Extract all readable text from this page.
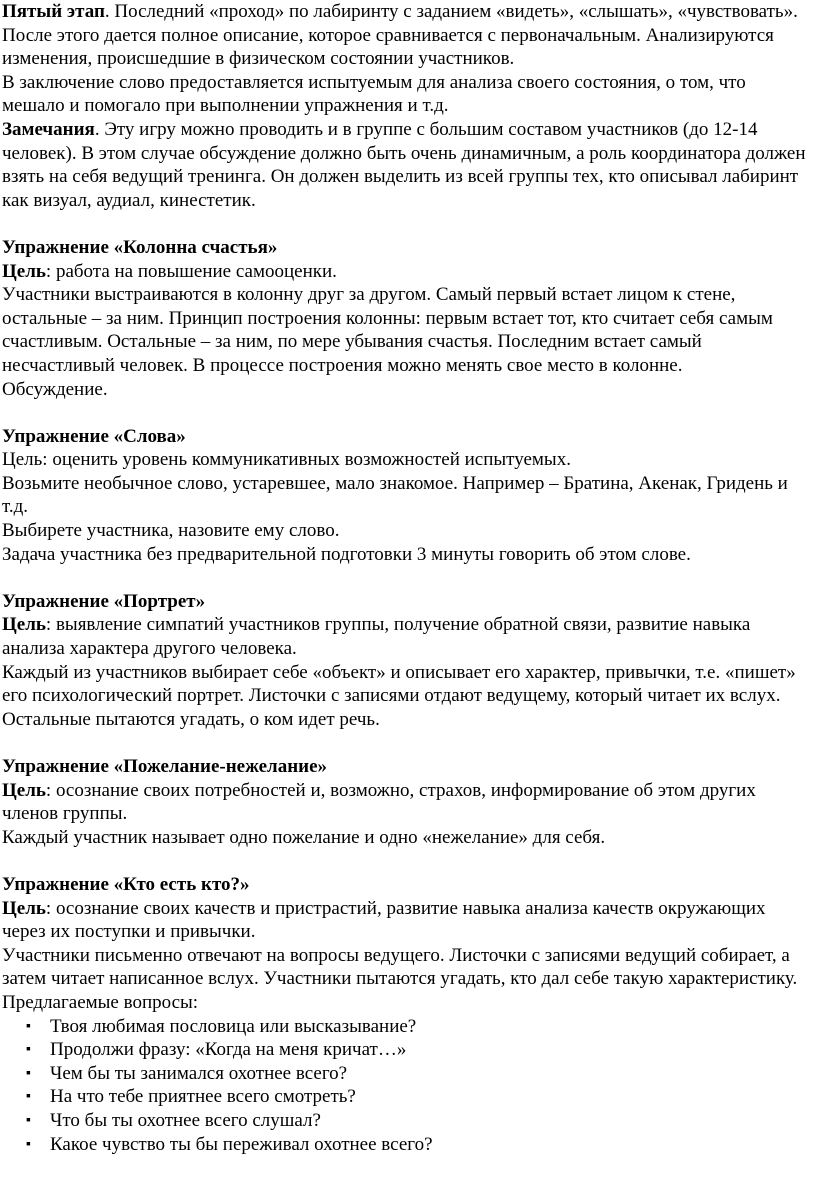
Пятый этап. Последний «проход» по лабиринту с заданием «видеть», «слышать», «чувствовать». После этого дается полное описание, которое сравнивается с первоначальным. Анализируются изменения, происшедшие в физическом состоянии участников.

В заключение слово предоставляется испытуемым для анализа своего состояния, о том, что мешало и помогало при выполнении упражнения и т.д.

Замечания. Эту игру можно проводить и в группе с большим составом участников (до 12-14 человек). В этом случае обсуждение должно быть очень динамичным, а роль координатора должен взять на себя ведущий тренинга. Он должен выделить из всей группы тех, кто описывал лабиринт как визуал, аудиал, кинестетик.

Упражнение «Колонна счастья»

Цель: работа на повышение самооценки.

Участники выстраиваются в колонну друг за другом. Самый первый встает лицом к стене, остальные – за ним. Принцип построения колонны: первым встает тот, кто считает себя самым счастливым. Остальные – за ним, по мере убывания счастья. Последним встает самый несчастливый человек. В процессе построения можно менять свое место в колонне.

Обсуждение.

Упражнение «Слова»

Цель: оценить уровень коммуникативных возможностей испытуемых.

Возьмите необычное слово, устаревшее, мало знакомое. Например – Братина, Акенак, Гридень и т.д.

Выбирете участника, назовите ему слово.

Задача участника без предварительной подготовки 3 минуты говорить об этом слове.

Упражнение «Портрет»

Цель: выявление симпатий участников группы, получение обратной связи, развитие навыка анализа характера другого человека.

Каждый из участников выбирает себе «объект» и описывает его характер, привычки, т.е. «пишет» его психологический портрет. Листочки с записями отдают ведущему, который читает их вслух. Остальные пытаются угадать, о ком идет речь.

Упражнение «Пожелание-нежелание»

Цель: осознание своих потребностей и, возможно, страхов, информирование об этом других членов группы.

Каждый участник называет одно пожелание и одно «нежелание» для себя.

Упражнение «Кто есть кто?»

Цель: осознание своих качеств и пристрастий, развитие навыка анализа качеств окружающих через их поступки и привычки.

Участники письменно отвечают на вопросы ведущего. Листочки с записями ведущий собирает, а затем читает написанное вслух. Участники пытаются угадать, кто дал себе такую характеристику. Предлагаемые вопросы:

▪ Твоя любимая пословица или высказывание?
▪ Продолжи фразу: «Когда на меня кричат…»
▪ Чем бы ты занимался охотнее всего?
▪ На что тебе приятнее всего смотреть?
▪ Что бы ты охотнее всего слушал?
▪ Какое чувство ты бы переживал охотнее всего?
